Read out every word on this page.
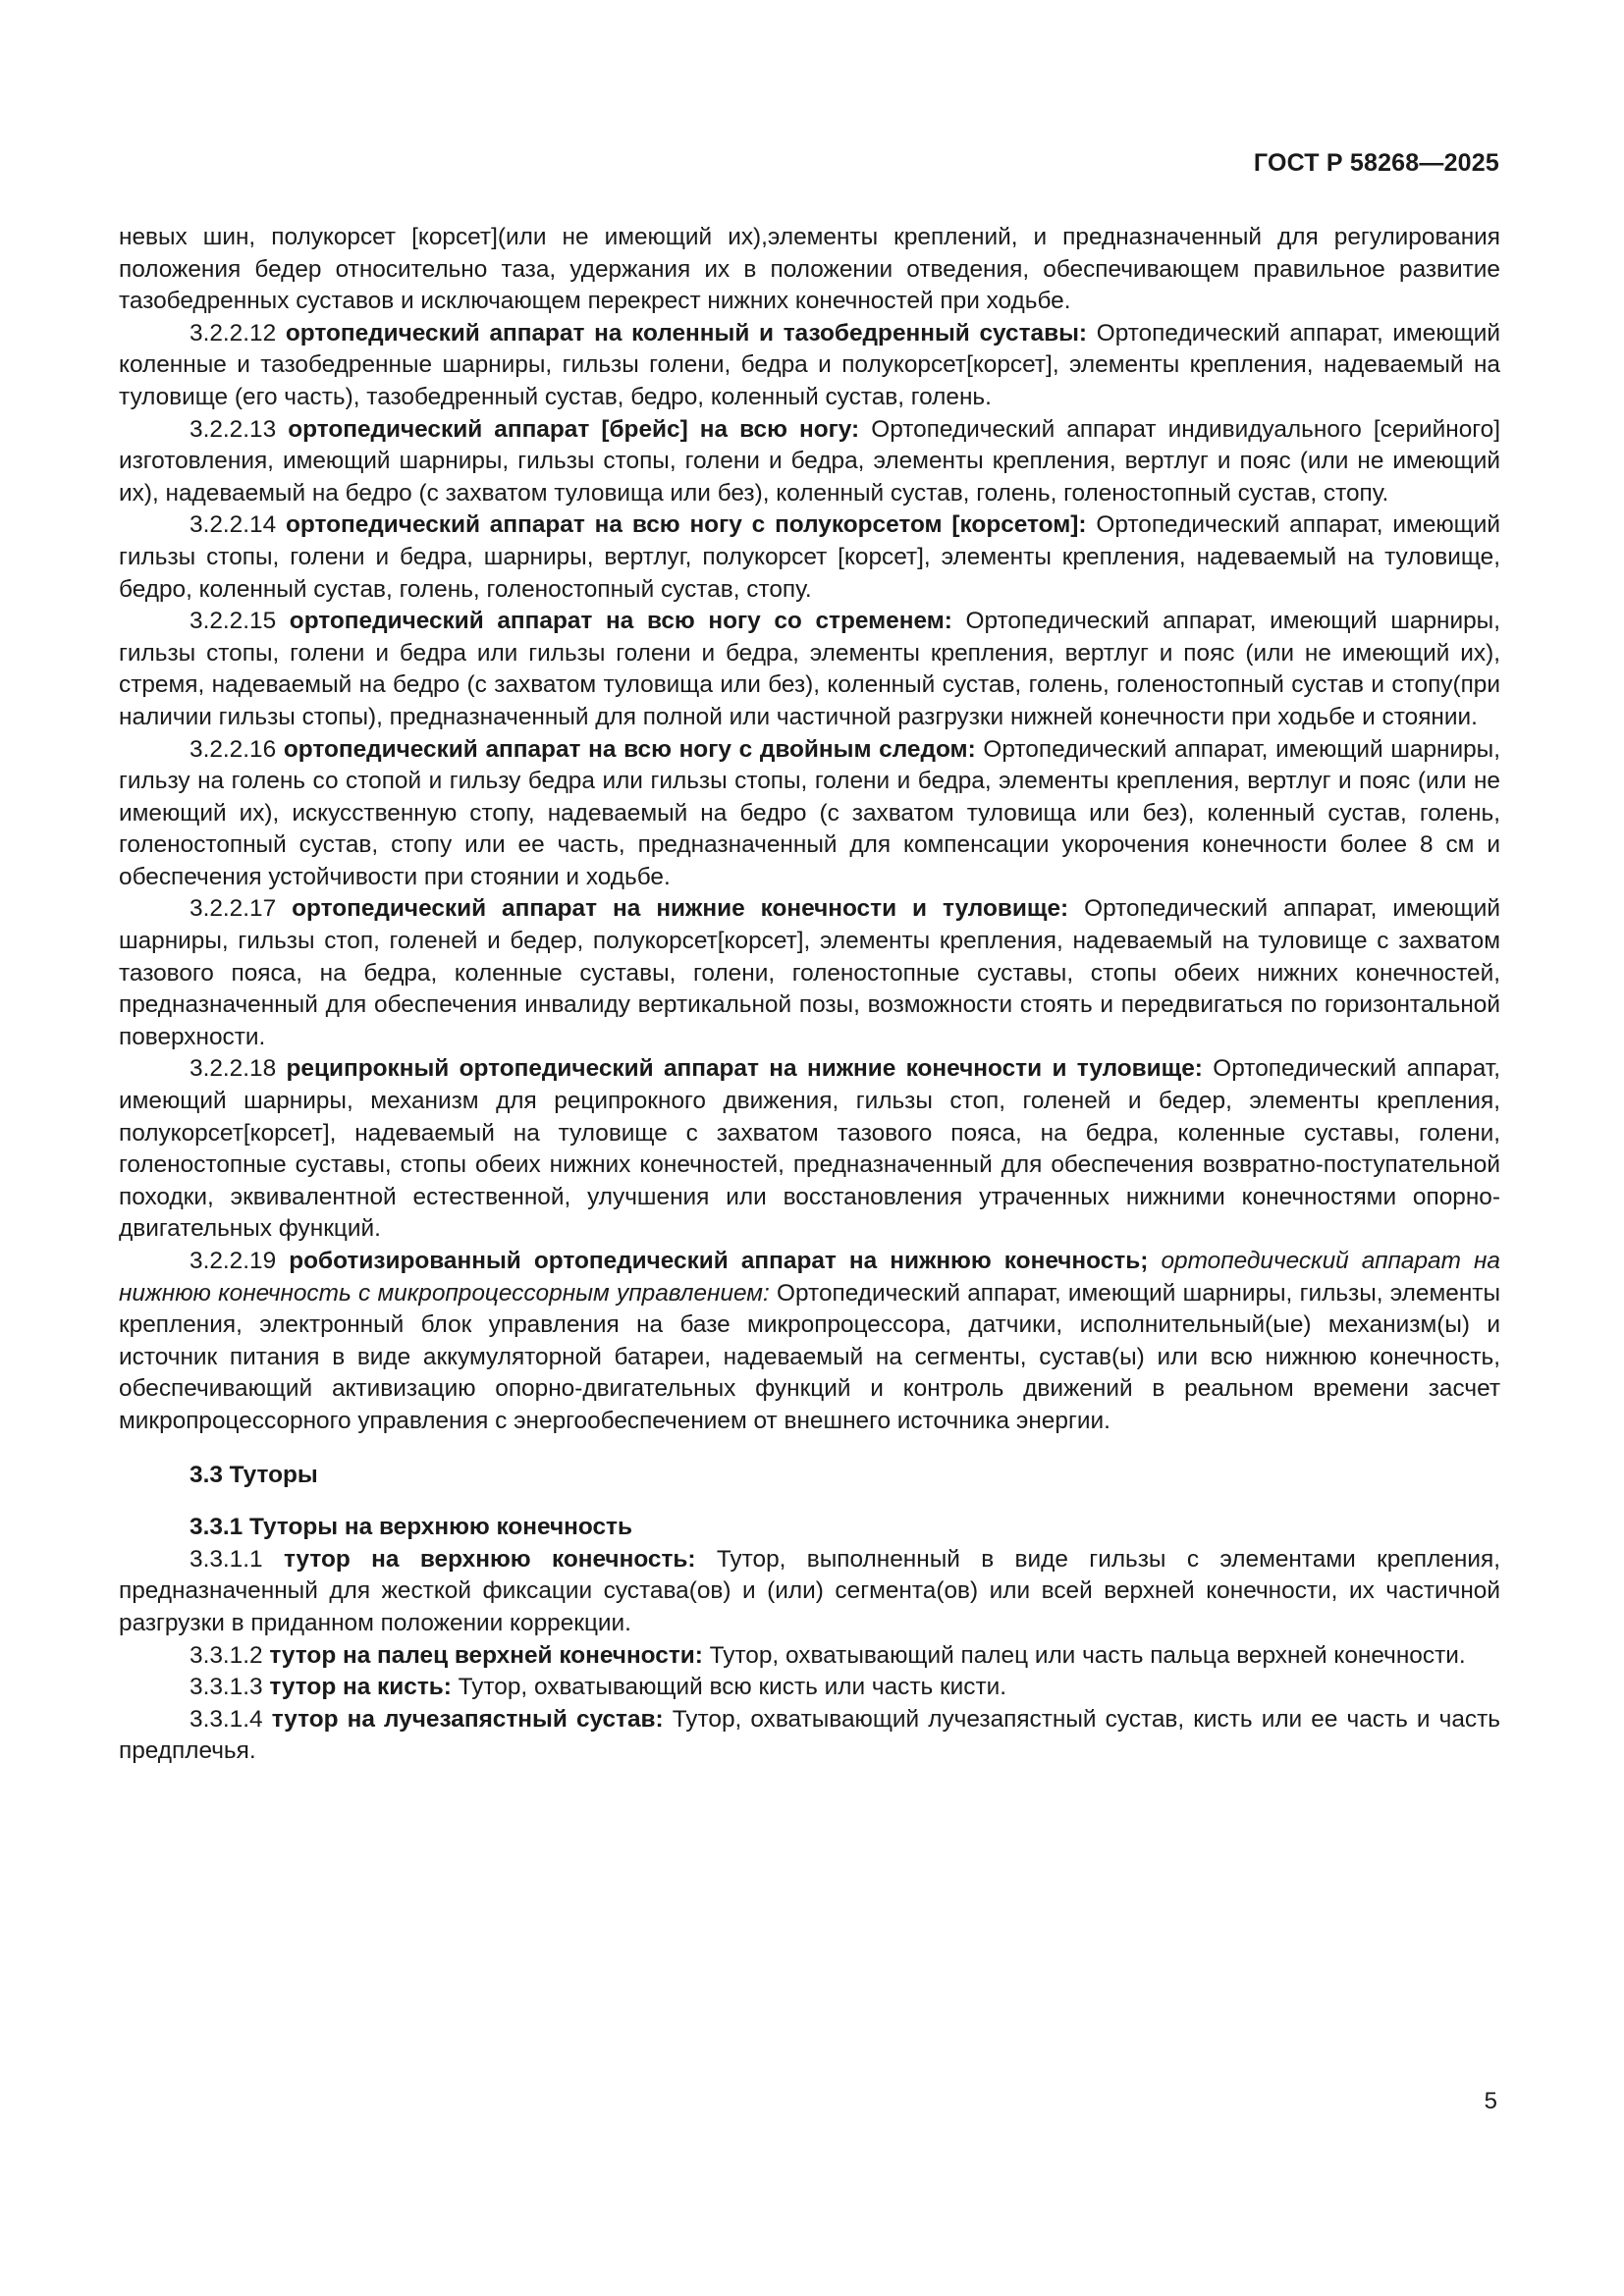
ГОСТ Р 58268—2025

невых шин, полукорсет [корсет](или не имеющий их),элементы креплений, и предназначенный для регулирования положения бедер относительно таза, удержания их в положении отведения, обеспечивающем правильное развитие тазобедренных суставов и исключающем перекрест нижних конечностей при ходьбе.

3.2.2.12 ортопедический аппарат на коленный и тазобедренный суставы: Ортопедический аппарат, имеющий коленные и тазобедренные шарниры, гильзы голени, бедра и полукорсет[корсет], элементы крепления, надеваемый на туловище (его часть), тазобедренный сустав, бедро, коленный сустав, голень.

3.2.2.13 ортопедический аппарат [брейс] на всю ногу: Ортопедический аппарат индивидуального [серийного] изготовления, имеющий шарниры, гильзы стопы, голени и бедра, элементы крепления, вертлуг и пояс (или не имеющий их), надеваемый на бедро (с захватом туловища или без), коленный сустав, голень, голеностопный сустав, стопу.

3.2.2.14 ортопедический аппарат на всю ногу с полукорсетом [корсетом]: Ортопедический аппарат, имеющий гильзы стопы, голени и бедра, шарниры, вертлуг, полукорсет [корсет], элементы крепления, надеваемый на туловище, бедро, коленный сустав, голень, голеностопный сустав, стопу.

3.2.2.15 ортопедический аппарат на всю ногу со стременем: Ортопедический аппарат, имеющий шарниры, гильзы стопы, голени и бедра или гильзы голени и бедра, элементы крепления, вертлуг и пояс (или не имеющий их), стремя, надеваемый на бедро (с захватом туловища или без), коленный сустав, голень, голеностопный сустав и стопу(при наличии гильзы стопы), предназначенный для полной или частичной разгрузки нижней конечности при ходьбе и стоянии.

3.2.2.16 ортопедический аппарат на всю ногу с двойным следом: Ортопедический аппарат, имеющий шарниры, гильзу на голень со стопой и гильзу бедра или гильзы стопы, голени и бедра, элементы крепления, вертлуг и пояс (или не имеющий их), искусственную стопу, надеваемый на бедро (с захватом туловища или без), коленный сустав, голень, голеностопный сустав, стопу или ее часть, предназначенный для компенсации укорочения конечности более 8 см и обеспечения устойчивости при стоянии и ходьбе.

3.2.2.17 ортопедический аппарат на нижние конечности и туловище: Ортопедический аппарат, имеющий шарниры, гильзы стоп, голеней и бедер, полукорсет[корсет], элементы крепления, надеваемый на туловище с захватом тазового пояса, на бедра, коленные суставы, голени, голеностопные суставы, стопы обеих нижних конечностей, предназначенный для обеспечения инвалиду вертикальной позы, возможности стоять и передвигаться по горизонтальной поверхности.

3.2.2.18 реципрокный ортопедический аппарат на нижние конечности и туловище: Ортопедический аппарат, имеющий шарниры, механизм для реципрокного движения, гильзы стоп, голеней и бедер, элементы крепления, полукорсет[корсет], надеваемый на туловище с захватом тазового пояса, на бедра, коленные суставы, голени, голеностопные суставы, стопы обеих нижних конечностей, предназначенный для обеспечения возвратно-поступательной походки, эквивалентной естественной, улучшения или восстановления утраченных нижними конечностями опорно-двигательных функций.

3.2.2.19 роботизированный ортопедический аппарат на нижнюю конечность; ортопедический аппарат на нижнюю конечность с микропроцессорным управлением: Ортопедический аппарат, имеющий шарниры, гильзы, элементы крепления, электронный блок управления на базе микропроцессора, датчики, исполнительный(ые) механизм(ы) и источник питания в виде аккумуляторной батареи, надеваемый на сегменты, сустав(ы) или всю нижнюю конечность, обеспечивающий активизацию опорно-двигательных функций и контроль движений в реальном времени засчет микропроцессорного управления с энергообеспечением от внешнего источника энергии.

3.3 Туторы

3.3.1 Туторы на верхнюю конечность

3.3.1.1 тутор на верхнюю конечность: Тутор, выполненный в виде гильзы с элементами крепления, предназначенный для жесткой фиксации сустава(ов) и (или) сегмента(ов) или всей верхней конечности, их частичной разгрузки в приданном положении коррекции.

3.3.1.2 тутор на палец верхней конечности: Тутор, охватывающий палец или часть пальца верхней конечности.

3.3.1.3 тутор на кисть: Тутор, охватывающий всю кисть или часть кисти.

3.3.1.4 тутор на лучезапястный сустав: Тутор, охватывающий лучезапястный сустав, кисть или ее часть и часть предплечья.

5
